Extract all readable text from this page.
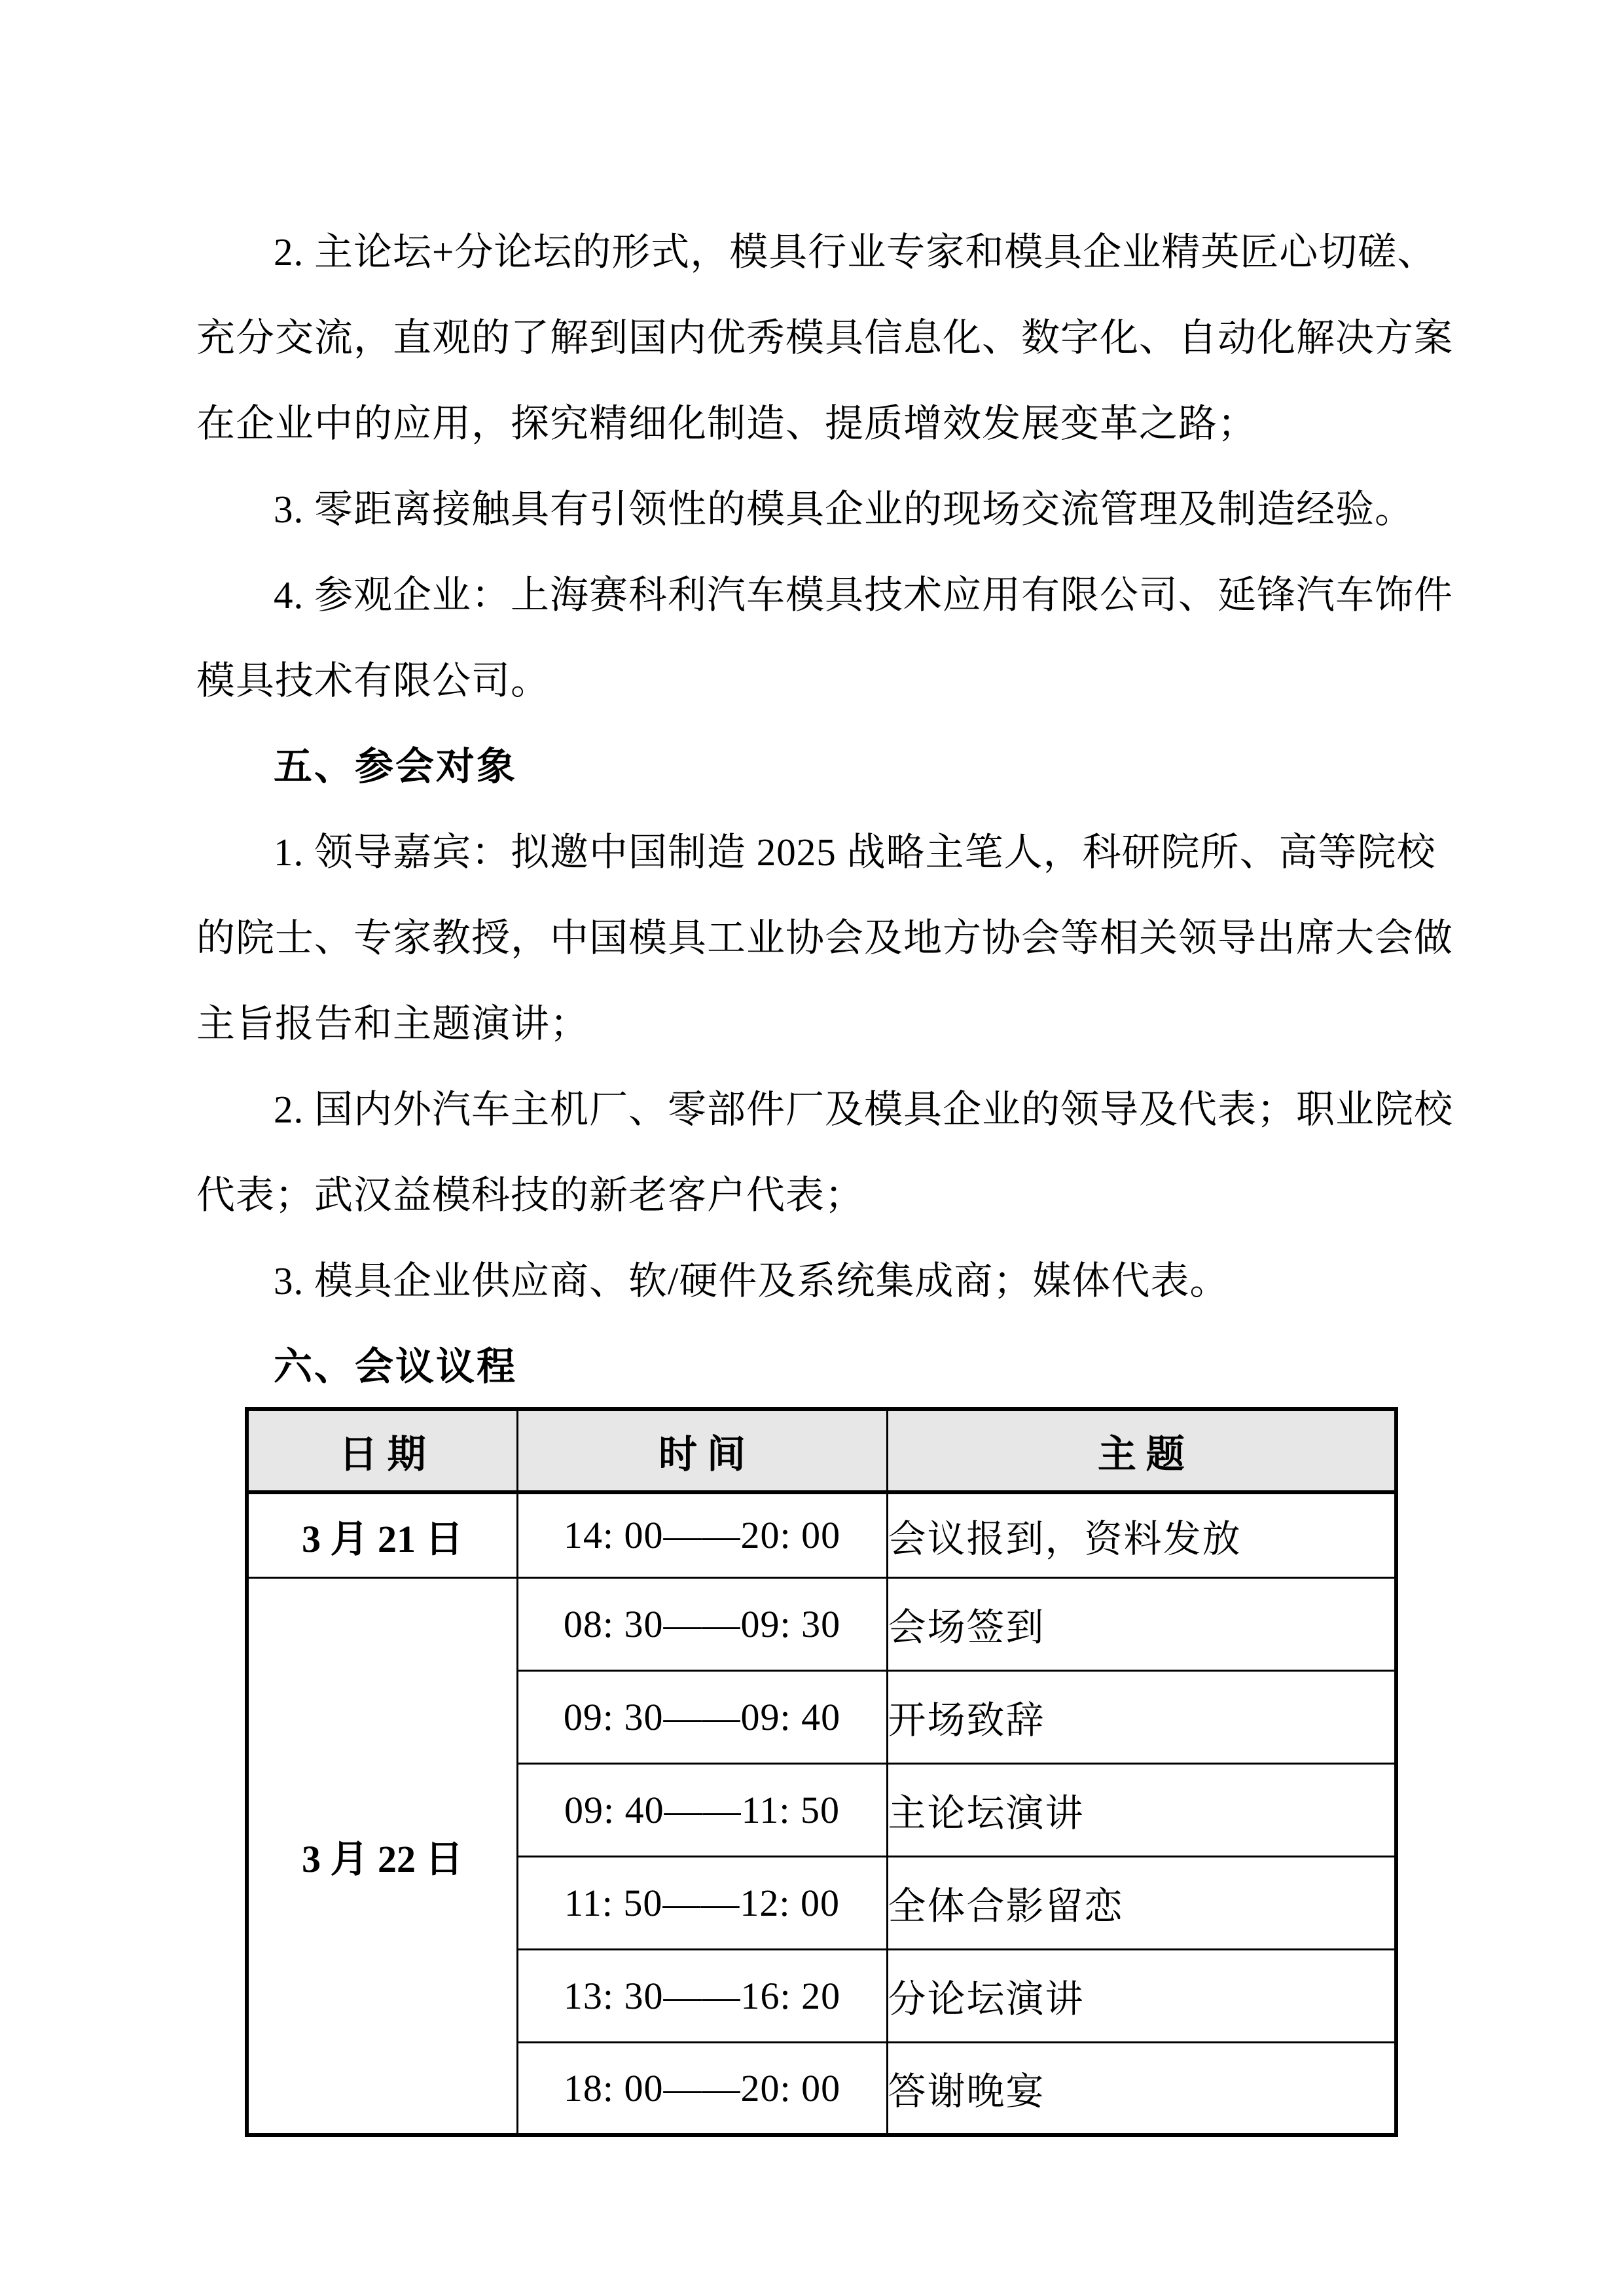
2. 主论坛+分论坛的形式，模具行业专家和模具企业精英匠心切磋、
充分交流，直观的了解到国内优秀模具信息化、数字化、自动化解决方案
在企业中的应用，探究精细化制造、提质增效发展变革之路；
3. 零距离接触具有引领性的模具企业的现场交流管理及制造经验。
4. 参观企业：上海赛科利汽车模具技术应用有限公司、延锋汽车饰件
模具技术有限公司。
五、参会对象
1. 领导嘉宾：拟邀中国制造 2025 战略主笔人，科研院所、高等院校
的院士、专家教授，中国模具工业协会及地方协会等相关领导出席大会做
主旨报告和主题演讲；
2. 国内外汽车主机厂、零部件厂及模具企业的领导及代表；职业院校
代表；武汉益模科技的新老客户代表；
3. 模具企业供应商、软/硬件及系统集成商；媒体代表。
六、会议议程
日 期	时 间	主 题
3 月 21 日	14: 00——20: 00	会议报到，资料发放
3 月 22 日	08: 30——09: 30	会场签到
	09: 30——09: 40	开场致辞
	09: 40——11: 50	主论坛演讲
	11: 50——12: 00	全体合影留恋
	13: 30——16: 20	分论坛演讲
	18: 00——20: 00	答谢晚宴
